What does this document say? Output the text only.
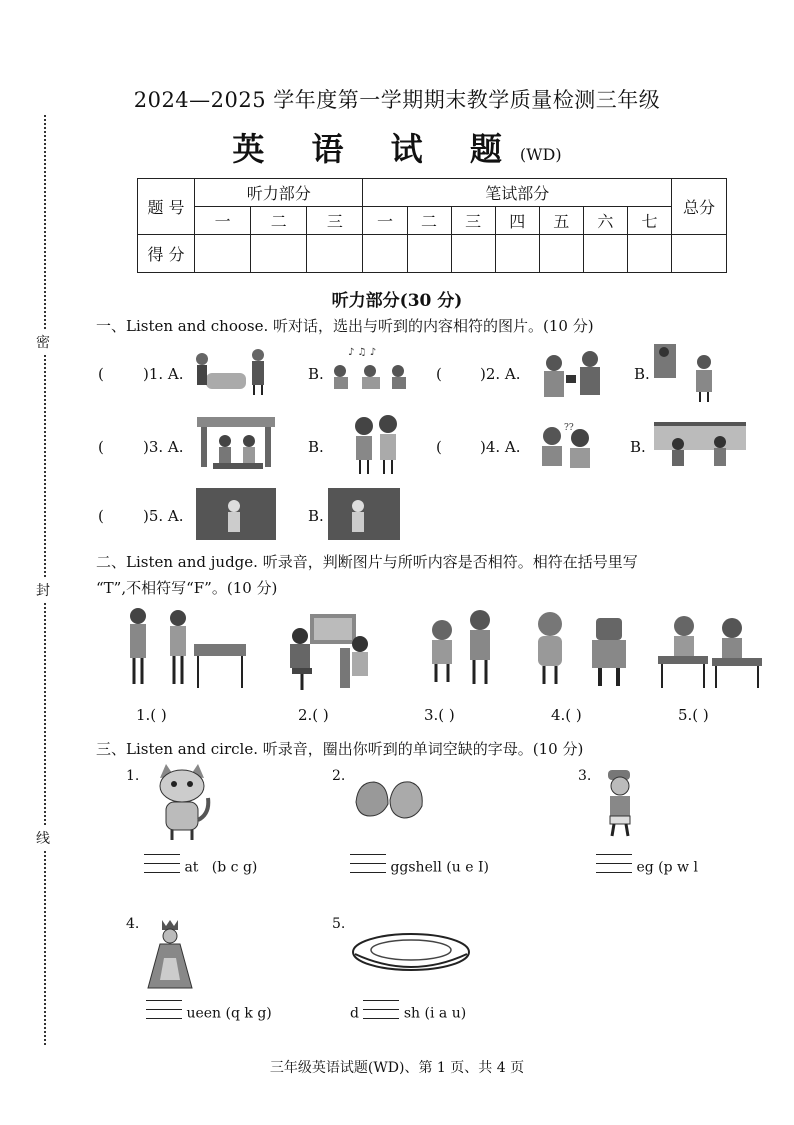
密
封
线
2024—2025 学年度第一学期期末教学质量检测三年级
英 语 试 题(WD)
题 号	听力部分			笔试部分							总分
	一	二	三	一	二	三	四	五	六	七	
得 分											
听力部分(30 分)
一、Listen and choose. 听对话，选出与听到的内容相符的图片。(10 分)
(	)1. A.	B.
♪ ♫ ♪
(	)2. A.	B.
(	)3. A.	B.	(	)4. A.
??
B.
(	)5. A.	B.
二、Listen and judge. 听录音，判断图片与所听内容是否相符。相符在括号里写
“T”,不相符写“F”。(10 分)
1.( )	2.( )	3.( )	4.( )	5.( )
三、Listen and circle. 听录音，圈出你听到的单词空缺的字母。(10 分)
1.	2.	3.
at (b c g)	ggshell (u e I)	eg (p w l
4.	5.
ueen (q k g)	d	sh (i a u)
三年级英语试题(WD)、第 1 页、共 4 页
